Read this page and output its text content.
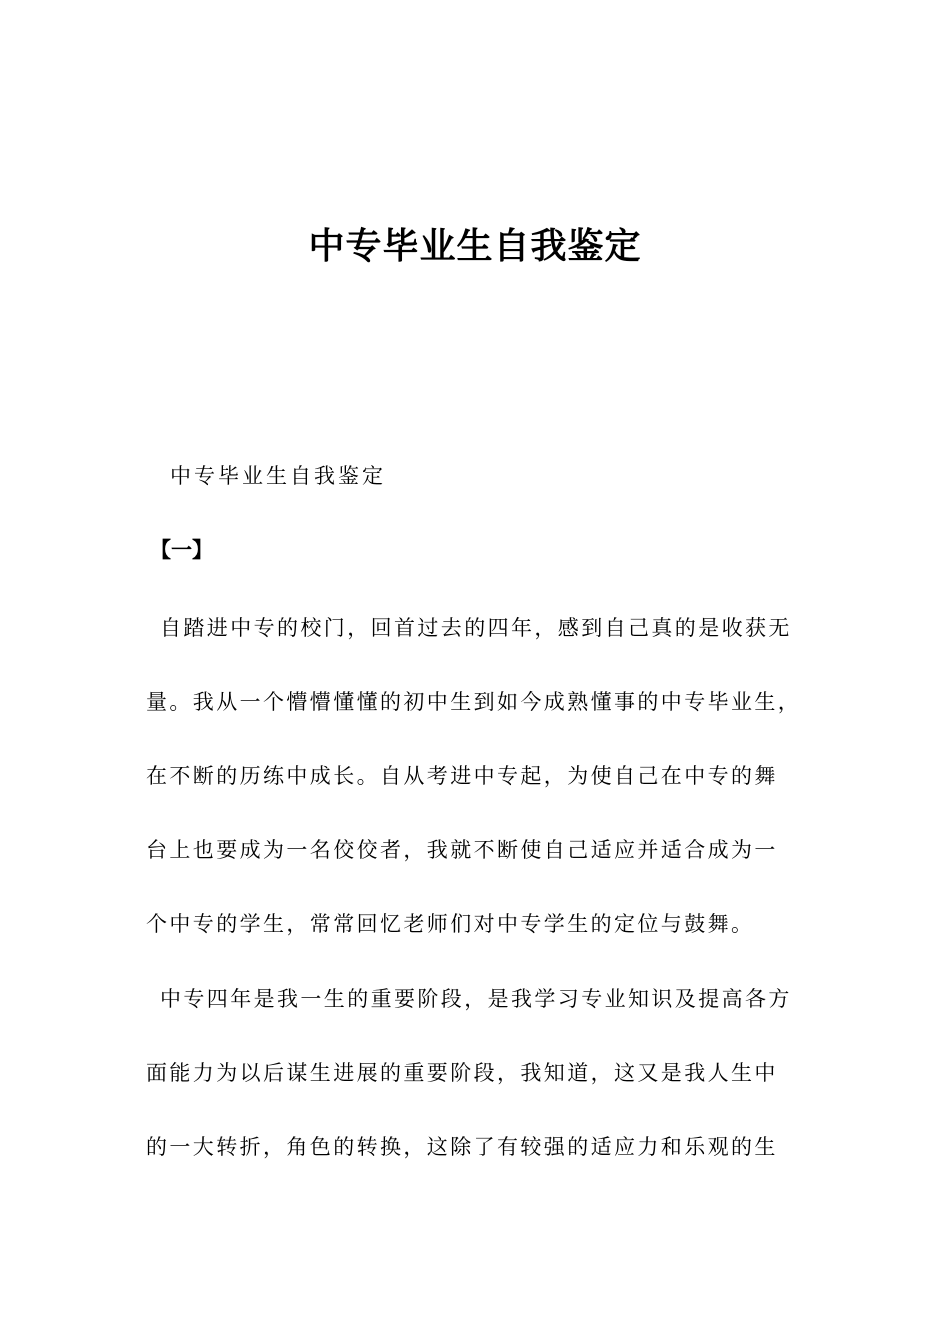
中专毕业生自我鉴定

中专毕业生自我鉴定

【一】

自踏进中专的校门，回首过去的四年，感到自己真的是收获无

量。我从一个懵懵懂懂的初中生到如今成熟懂事的中专毕业生，

在不断的历练中成长。自从考进中专起，为使自己在中专的舞

台上也要成为一名佼佼者，我就不断使自己适应并适合成为一

个中专的学生，常常回忆老师们对中专学生的定位与鼓舞。

中专四年是我一生的重要阶段，是我学习专业知识及提高各方

面能力为以后谋生进展的重要阶段，我知道，这又是我人生中

的一大转折，角色的转换，这除了有较强的适应力和乐观的生
